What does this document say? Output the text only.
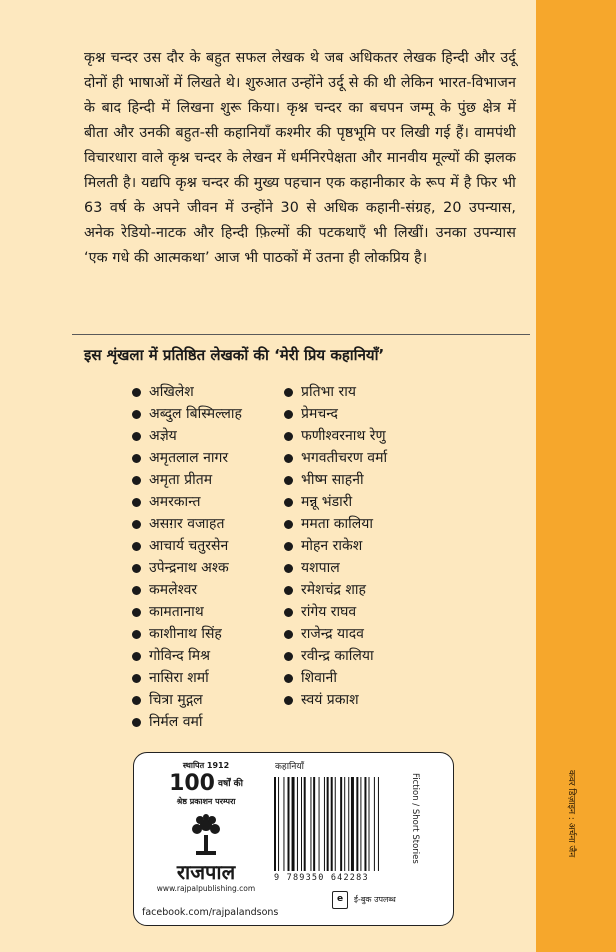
कृश्न चन्दर उस दौर के बहुत सफल लेखक थे जब अधिकतर लेखक हिन्दी और उर्दू दोनों ही भाषाओं में लिखते थे। शुरुआत उन्होंने उर्दू से की थी लेकिन भारत-विभाजन के बाद हिन्दी में लिखना शुरू किया। कृश्न चन्दर का बचपन जम्मू के पुंछ क्षेत्र में बीता और उनकी बहुत-सी कहानियाँ कश्मीर की पृष्ठभूमि पर लिखी गई हैं। वामपंथी विचारधारा वाले कृश्न चन्दर के लेखन में धर्मनिरपेक्षता और मानवीय मूल्यों की झलक मिलती है। यद्यपि कृश्न चन्दर की मुख्य पहचान एक कहानीकार के रूप में है फिर भी 63 वर्ष के अपने जीवन में उन्होंने 30 से अधिक कहानी-संग्रह, 20 उपन्यास, अनेक रेडियो-नाटक और हिन्दी फ़िल्मों की पटकथाएँ भी लिखीं। उनका उपन्यास ‘एक गधे की आत्मकथा’ आज भी पाठकों में उतना ही लोकप्रिय है।

इस शृंखला में प्रतिष्ठित लेखकों की ‘मेरी प्रिय कहानियाँ’
अखिलेश
अब्दुल बिस्मिल्लाह
अज्ञेय
अमृतलाल नागर
अमृता प्रीतम
अमरकान्त
असग़र वजाहत
आचार्य चतुरसेन
उपेन्द्रनाथ अश्क
कमलेश्वर
कामतानाथ
काशीनाथ सिंह
गोविन्द मिश्र
नासिरा शर्मा
चित्रा मुद्गल
निर्मल वर्मा
प्रतिभा राय
प्रेमचन्द
फणीश्वरनाथ रेणु
भगवतीचरण वर्मा
भीष्म साहनी
मन्नू भंडारी
ममता कालिया
मोहन राकेश
यशपाल
रमेशचंद्र शाह
रांगेय राघव
राजेन्द्र यादव
रवीन्द्र कालिया
शिवानी
स्वयं प्रकाश
स्थापित 1912
100 वर्षों की
श्रेष्ठ प्रकाशन परम्परा
राजपाल
www.rajpalpublishing.com
facebook.com/rajpalandsons
कहानियाँ
9 789350 642283
Fiction / Short Stories
e	ई-बुक उपलब्ध
कवर डिज़ाइन : अर्चना जैन
